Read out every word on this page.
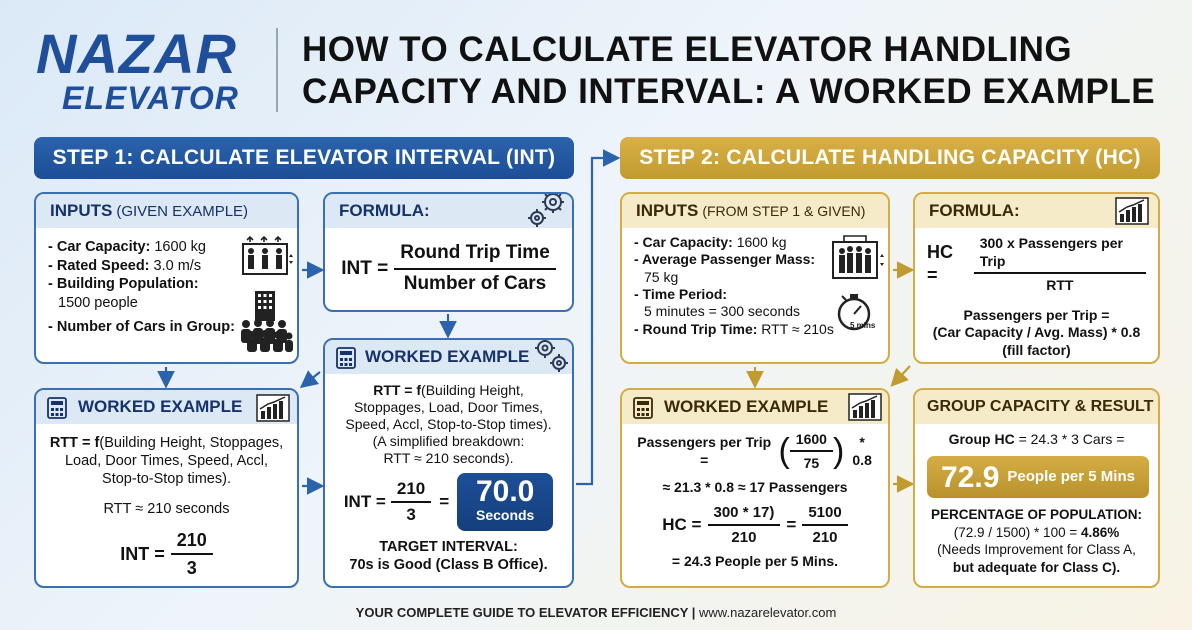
NAZAR
ELEVATOR
HOW TO CALCULATE ELEVATOR HANDLING
CAPACITY AND INTERVAL: A WORKED EXAMPLE
STEP 1: CALCULATE ELEVATOR INTERVAL (INT)
INPUTS (GIVEN EXAMPLE)
- Car Capacity: 1600 kg
- Rated Speed: 3.0 m/s
- Building Population:
1500 people
- Number of Cars in Group:
FORMULA:
INT = $\frac{\text{Round Trip Time}}{\text{Number of Cars}}$
WORKED EXAMPLE
RTT = f(Building Height, Stoppages, Load, Door Times, Speed, Accl, Stop-to-Stop times).
RTT ≈ 210 seconds
INT = $\frac{210}{3}$
WORKED EXAMPLE
RTT = f(Building Height, Stoppages, Load, Door Times, Speed, Accl, Stop-to-Stop times).
(A simplified breakdown:
RTT ≈ 210 seconds).
INT = $\frac{210}{3} = 70.0$
Seconds
TARGET INTERVAL:
70s is Good (Class B Office).
STEP 2: CALCULATE HANDLING CAPACITY (HC)
INPUTS (FROM STEP 1 & GIVEN)
- Car Capacity: 1600 kg
- Average Passenger Mass:
75 kg
- Time Period:
5 minutes = 300 seconds
- Round Trip Time: RTT ≈ 210s	5 mins
FORMULA:
HC =	$\frac{\text{300 x Passengers per Trip}}{\text{RTT}}$
Passengers per Trip =
(Car Capacity / Avg. Mass) * 0.8
(fill factor)
WORKED EXAMPLE
Passengers per Trip =	( $\frac{1600}{75}$ )	* 0.8
≈ 21.3 * 0.8 ≈ 17 Passengers
HC = $\frac{300 * 17)}{210} = \frac{5100}{210}$
= 24.3 People per 5 Mins.
GROUP CAPACITY & RESULT
Group HC = 24.3 * 3 Cars =
72.9 People per 5 Mins
PERCENTAGE OF POPULATION:
(72.9 / 1500) * 100 = 4.86%
(Needs Improvement for Class A,
but adequate for Class C).
YOUR COMPLETE GUIDE TO ELEVATOR EFFICIENCY | www.nazarelevator.com
